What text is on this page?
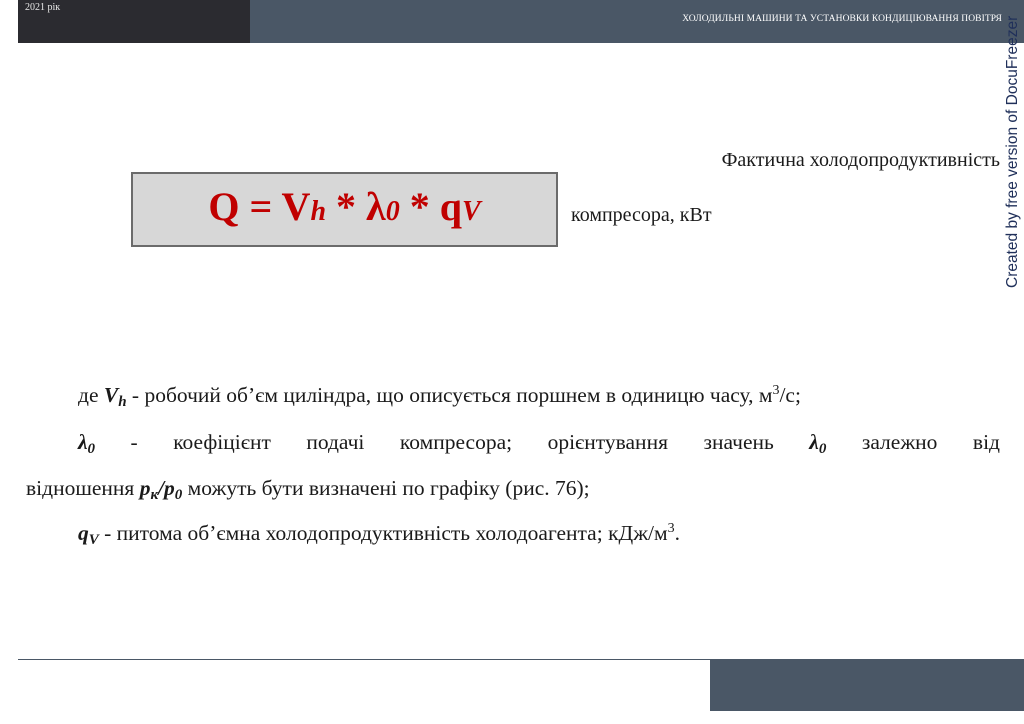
2021 рік
ХОЛОДИЛЬНІ МАШИНИ ТА УСТАНОВКИ КОНДИЦІЮВАННЯ ПОВІТРЯ Created by free version of DocuFreezer
Q = Vh * λ0 * qV
Фактична холодопродуктивність
компресора, кВт
де $V_h$ - робочий об’єм циліндра, що описується поршнем в одиницю часу, $м^3/с$;
$\lambda_0$ - коефіцієнт подачі компресора; орієнтування значень $\lambda_0$ залежно від
відношення $p_к/p_0$ можуть бути визначені по графіку (рис. 76);
$q_V$ - питома об’ємна холодопродуктивність холодоагента; кДж/$м^3$.
